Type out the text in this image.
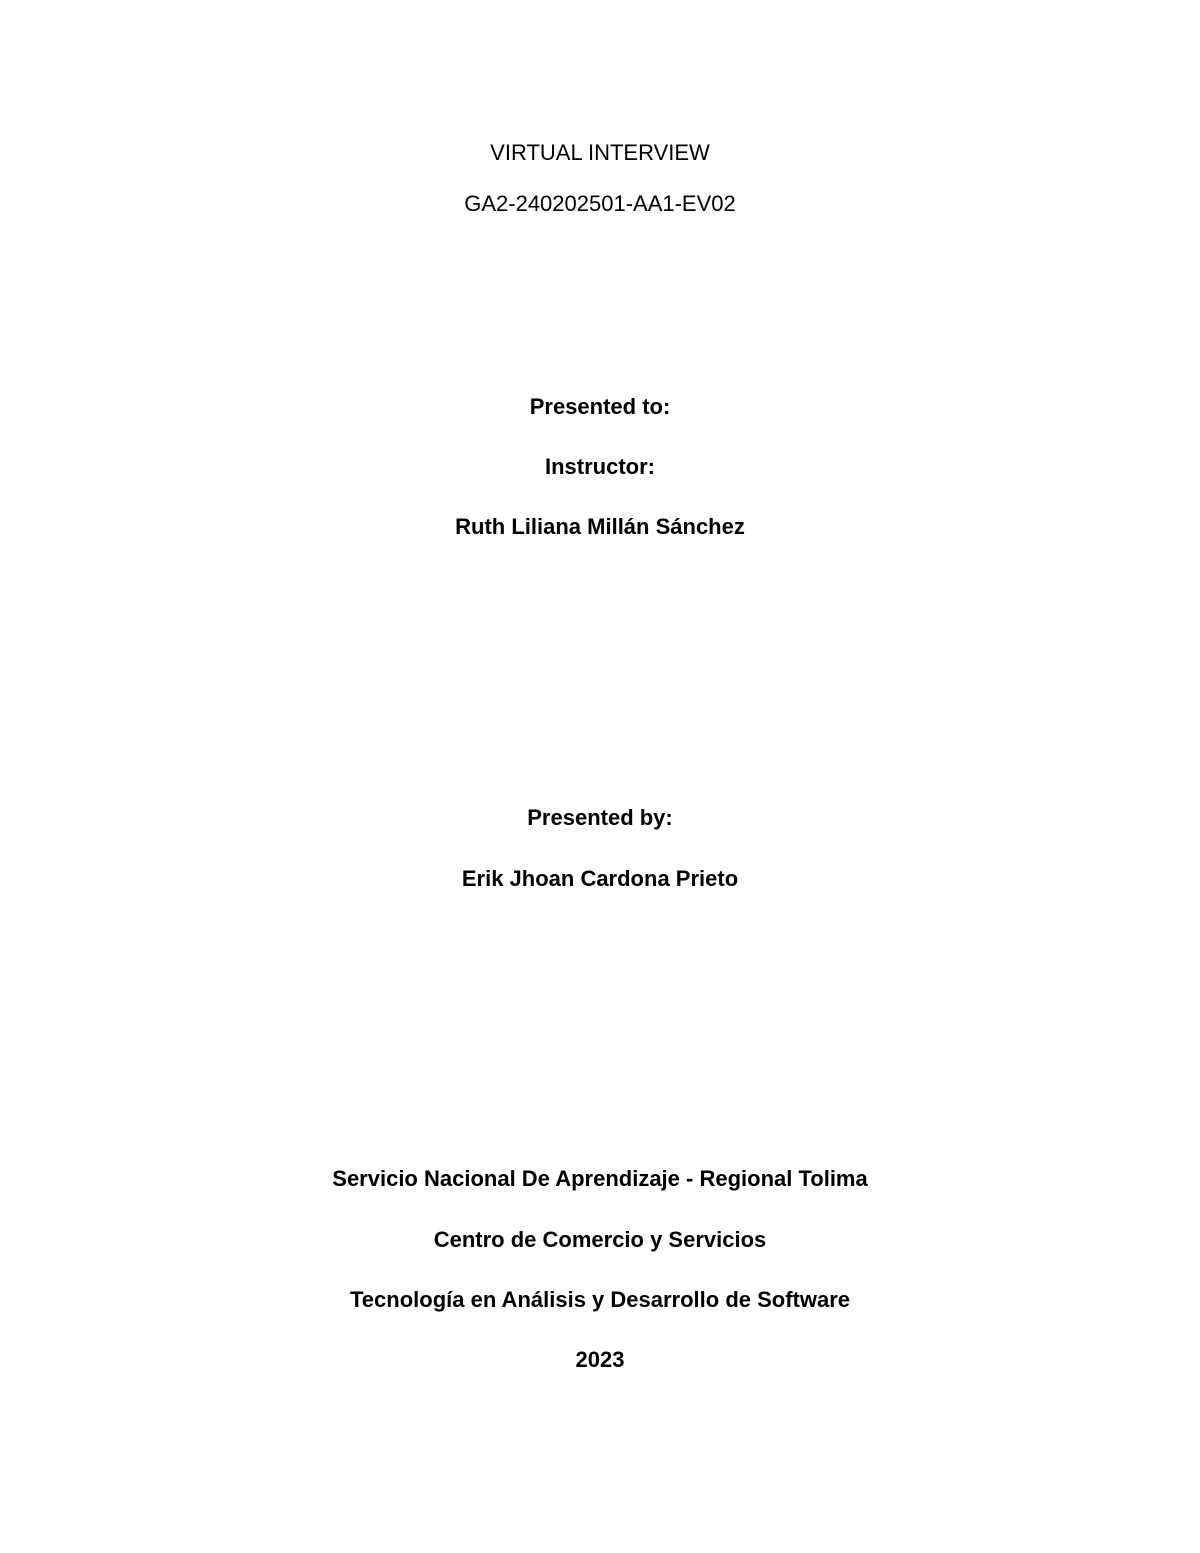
VIRTUAL INTERVIEW
GA2-240202501-AA1-EV02
Presented to:
Instructor:
Ruth Liliana Millán Sánchez
Presented by:
Erik Jhoan Cardona Prieto
Servicio Nacional De Aprendizaje - Regional Tolima
Centro de Comercio y Servicios
Tecnología en Análisis y Desarrollo de Software
2023
